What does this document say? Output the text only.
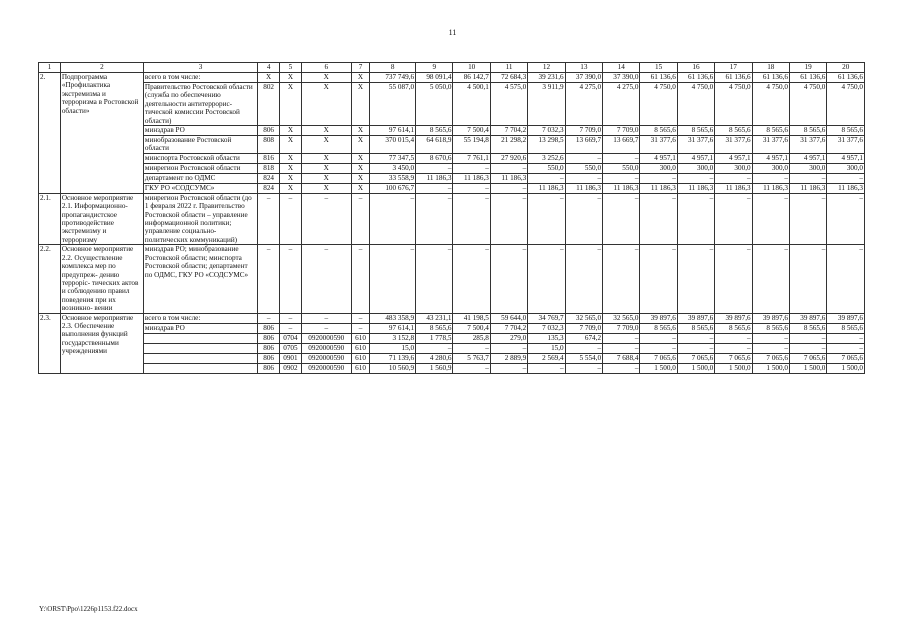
11
1	2	3	4	5	6	7	8	9	10	11	12	13	14	15	16	17	18	19	20
2.	Подпрограмма «Профилактика экстремизма и терроризма в Ростовской области»	всего в том числе:	X	X	X	X	737 749,6	98 091,4	86 142,7	72 684,3	39 231,6	37 390,0	37 390,0	61 136,6	61 136,6	61 136,6	61 136,6	61 136,6	61 136,6
		Правительство Ростовской области (служба по обеспечению деятельности антитеррорис- тической комиссии Ростовской области)	802	X	X	X	55 087,0	5 050,0	4 500,1	4 575,0	3 911,9	4 275,0	4 275,0	4 750,0	4 750,0	4 750,0	4 750,0	4 750,0	4 750,0
		минздрав РО	806	X	X	X	97 614,1	8 565,6	7 500,4	7 704,2	7 032,3	7 709,0	7 709,0	8 565,6	8 565,6	8 565,6	8 565,6	8 565,6	8 565,6
		минобразование Ростовской области	808	X	X	X	370 015,4	64 618,9	55 194,8	21 298,2	13 298,5	13 669,7	13 669,7	31 377,6	31 377,6	31 377,6	31 377,6	31 377,6	31 377,6
		минспорта Ростовской области	816	X	X	X	77 347,5	8 670,6	7 761,1	27 920,6	3 252,6	–	–	4 957,1	4 957,1	4 957,1	4 957,1	4 957,1	4 957,1
		минрегион Ростовской области	818	X	X	X	3 450,0	–	–	–	550,0	550,0	550,0	300,0	300,0	300,0	300,0	300,0	300,0
		департамент по ОДМС	824	X	X	X	33 558,9	11 186,3	11 186,3	11 186,3	–	–	–	–	–	–	–	–	–
		ГКУ РО «СОДСУМС»	824	X	X	X	100 676,7	–	–	–	11 186,3	11 186,3	11 186,3	11 186,3	11 186,3	11 186,3	11 186,3	11 186,3	11 186,3
2.1.	Основное мероприятие 2.1. Информационно- пропагандистское противодействие экстремизму и терроризму	минрегион Ростовской области (до 1 февраля 2022 г. Правительство Ростовской области – управление информационной политики; управление социально- политических коммуникаций)	–	–	–	–	–	–	–	–	–	–	–	–	–	–	–	–	–
2.2.	Основное мероприятие 2.2. Осуществление комплекса мер по предупреж- дению терроріс- тических актов и соблюдению правил поведения при их возникно- вении	минздрав РО; минобразование Ростовской области; минспорта Ростовской области; департамент по ОДМС, ГКУ РО «СОДСУМС»	–	–	–	–	–	–	–	–	–	–	–	–	–	–	–	–	–
2.3.	Основное мероприятие 2.3. Обеспечение выполнения функций государственными учреждениями	всего в том числе:	–	–	–	–	483 358,9	43 231,1	41 198,5	59 644,0	34 769,7	32 565,0	32 565,0	39 897,6	39 897,6	39 897,6	39 897,6	39 897,6	39 897,6
		минздрав РО	806	–	–	–	97 614,1	8 565,6	7 500,4	7 704,2	7 032,3	7 709,0	7 709,0	8 565,6	8 565,6	8 565,6	8 565,6	8 565,6	8 565,6
			806	0704	0920000590	610	3 152,8	1 778,5	285,8	279,0	135,3	674,2	–	–	–	–	–	–	–
			806	0705	0920000590	610	15,0	–	–	–	15,0	–	–	–	–	–	–	–	–
			806	0901	0920000590	610	71 139,6	4 280,6	5 763,7	2 889,9	2 569,4	5 554,0	7 688,4	7 065,6	7 065,6	7 065,6	7 065,6	7 065,6	7 065,6
			806	0902	0920000590	610	10 560,9	1 560,9	–	–	–	–	–	1 500,0	1 500,0	1 500,0	1 500,0	1 500,0	1 500,0
Y:\ORST\Ppo\1226p1153.f22.docx
